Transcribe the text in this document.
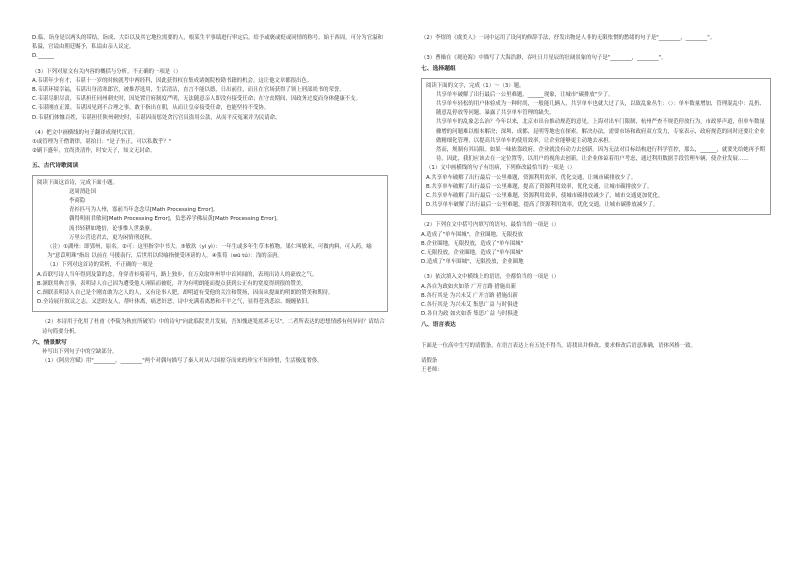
D.临，诣身是以两头的带结，诣成、大臣以及其它地位需要的人，根某生平事绩进行审定后，给予或褒或贬或同情的称号。始于西周，可分为官溢和私溢，官谥由朝廷赐予，私谥由亲人议定。

D.______

（3）下列对原文有关内容的概括与分析，不正确的一项是（）

A.韦谌年少有才，韦谌十一岁的时候就考中两经科，因此获得权在集成诸阁院校勘书籍的机会。这让他文章都很出色。

B.韦谌环境幸福，韦谌出身清寒郎官，被推荐选用，生活清洁，直言不能以德，日出前往，而且在官场获得了领上刑部尚书的荣誉。

C.韦谌尽职尽责，韦谌担任同州刺史时，因处置官府制度严明，无法随意亲人即没有接受任命；在守丧期间，因政务过度而身体健康不支。

C.韦谌刚直正派。韦谌因见到不合理之事，敢于指出在朝，从而让皇帝接受任命，也能坚持不受协。

D.韦谌们体恤百姓，韦谌担任陕州刺史时，韦谌因而惩处贪污官员盗用公款，从而平反冤案并为民请命。

（4）把文中画横线的句子翻译成现代汉语。

①或管理为千僧谓律，谌拍日："是子坐正，可以私数乎？"

②刷下盛年，宜尚贵清作，时安天子，知文无封命。

五、古代诗歌阅读

阅读下面这首诗，完成下面小题。

送周渭赴国

李商隐

青衫匹马为人州，寡前当年念念尽[Math Processing Error]。

偶得明雨君敏同[Math Processing Error]，负恶养学佛辰黄[Math Processing Error]。

流书轻耕如地倍，论事惟人世桑驱。

万里公营送君去，更为闲情刑送秋。

（注）①湖州：即郢州，原名。②可：这里指宰中书大。③敏玖（yì yì）：一年生或多年生草本植物。果仁叫敏米，可做肉料，可入药，喻为"意苡明珠"指出 以前在 马援南行，后世用以似喻指便受诬谤的人。④浆荀（wū tú）：浅的亲唐。

（1）下列对这首诗的赏析，不正确的一项是

A.首联写诗人当年得到及第的念，身穿青衫骑着马，路上独步，在万众取审州甲中首回闻的，表现出诗人的豪放之气。

B.颔联用典言事，表明诗人自己因为遭受他人诬陷而被贬，并为有明朗能而提点获到公正有的宽度得到很的赞美。

C.颈联表明诗人自己是个刚直敢为之人的人，又有论事人肥，却明道有受他的关注和赞扬，因而从提面的明朗的赞美和期待。

D.全诗展开叙议之志，又思盼友人，帮叶体离，痛恶奸恶，诗中充满着离愁和不平之气，显得苍劲悲凉、缠缠依旧。

（2）本诗用于化用了杜甫《李陵为秋庶所破军》中的诗句"向此临院美月发展，吾知愧逐笼底养无尽"，二者所表达的思想情感有何异同？请结合诗句简要分析。

六、情景默写

补写出下列句子中的空缺部分。

（1）《阿房宫赋》用"________。________"两个对偶句描写了秦人对从六国掠夺而来的珍宝不知珍惜，生活极度奢侈。

（2）李煜的《虞美人》一词中运用了设问的修辞手法，抒发出物是人非的无限怅惘的愁绪的句子是"________，________"。

（3）曹操在《观沧海》中描写了大海浩渺、吞吐日月星辰的壮阔景象的句子是"________，________"。

七、选择题组

阅读下面的文字，完成（1）～（3）题。

共享单车破解了出行最后一公里难题，______现象，让城市"碳排放"少了。

共享单车轻松的用户体验成为一种时尚，一般能几辆人，共享单车也就大过了头，以致乱象丛生：（）：单车数量增加，管理混乱中：乱扔、随意乱停放等问题，暴露了共享单车管理的缺失。

共享单车的乱象怎么治？今年以来，北京市出台推动规范的意见，上海对出车门限制，杭州严查不规范停放行为，市政界声道，但单车数量骤增的问题难以根本解决；深圳、成都、昆明等地也在探索。解决办法，需要市场和政府双方发力，专家表示，政府规范的同时还要让企业做精细化管理，以提高共享单车的使用效率，让企业能够更主动地去承担。

然而，规制有其局限。如果一味依靠政府，企业就没有动力去创新。因为无法对目标结构进行科学管控，那么，______，就要先给她再予期待。因此，我们应该去在一定位置等，以用户的视角去创新，让企业体谅着用户考虑，通过利用数据手段管理车辆，使企业发展……

（1）文中画横线的句子有语病，下列修改最恰当的一项是（）

A.共享单车破解了出行最后一公里难题，资源利用效率，优化交通，让城市碳排放少了。

B.共享单车破解了出行最后一公里难题，提高了资源利用效率，优化交通，让城市碳排放少了。

C.共享单车破解了出行最后一公里难题，资源利用效率，使城市碳排放减少了，城市交通更加优化。

D.共享单车破解了出行最后一公里难题，提高了资源利用效率，优化交通，让城市碳排放减少了。

（2）下列在文中括号内填写的语句，最恰当的一项是（）

A.造成了"单车围城"，企业圈地，无限投放

B.企业圈地，无限投放，造成了"单车围城"

C.无限投放，企业圈地，造成了"单车围城"

D.造成了"单车围城"，无限投放，企业圈地

（3）依次填入文中横线上的语语，全都恰当的一项是（）

A.各自为政如火如荼 广开言路 措施出新

B.各行其是 为兴未艾 广开言路 措施出新

C.各行其是 为兴未艾 集思广益 与时俱进

D.各自为政 如火如荼 集思广益 与时俱进

八、语言表达

下面是一位高中生写的请假条，在语言表达上有五处不得当，请找出并修改。要求修改后语意准确，语体风格一致。

请假条

王老师：
